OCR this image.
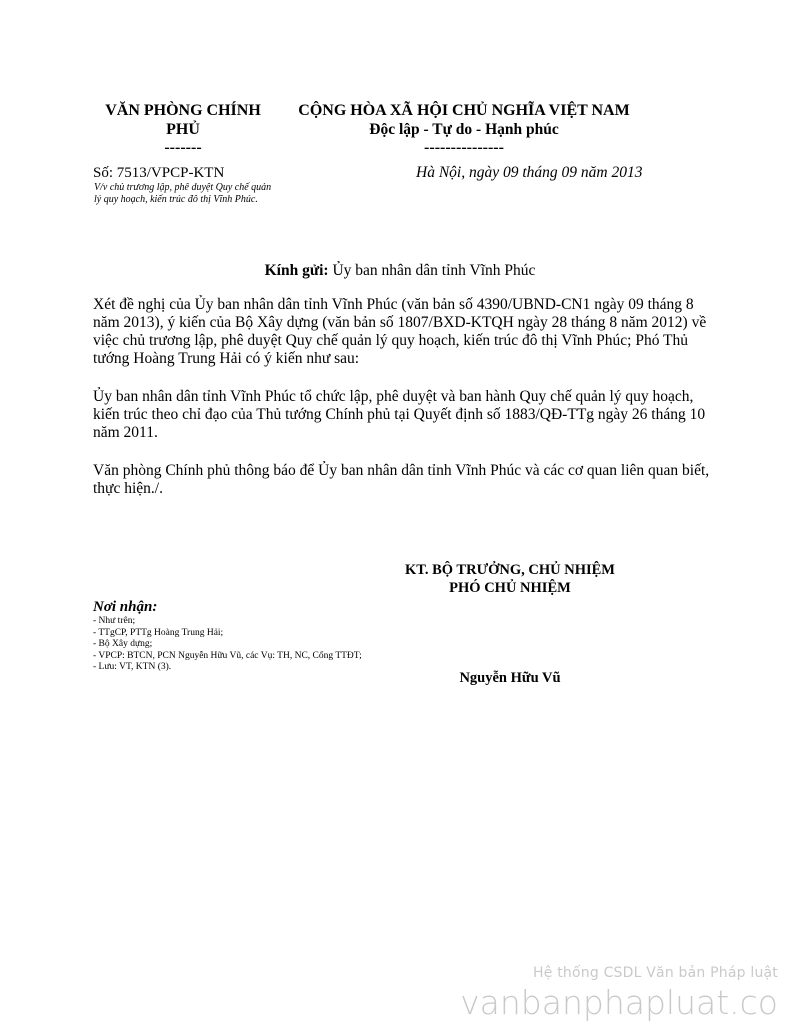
VĂN PHÒNG CHÍNH
PHỦ
-------
CỘNG HÒA XÃ HỘI CHỦ NGHĨA VIỆT NAM
Độc lập - Tự do - Hạnh phúc
---------------
Số: 7513/VPCP-KTN
V/v chủ trương lập, phê duyệt Quy chế quản lý quy hoạch, kiến trúc đô thị Vĩnh Phúc.
Hà Nội, ngày 09 tháng 09 năm 2013
Kính gửi: Ủy ban nhân dân tỉnh Vĩnh Phúc
Xét đề nghị của Ủy ban nhân dân tỉnh Vĩnh Phúc (văn bản số 4390/UBND-CN1 ngày 09 tháng 8 năm 2013), ý kiến của Bộ Xây dựng (văn bản số 1807/BXD-KTQH ngày 28 tháng 8 năm 2012) về việc chủ trương lập, phê duyệt Quy chế quản lý quy hoạch, kiến trúc đô thị Vĩnh Phúc; Phó Thủ tướng Hoàng Trung Hải có ý kiến như sau:
Ủy ban nhân dân tỉnh Vĩnh Phúc tổ chức lập, phê duyệt và ban hành Quy chế quản lý quy hoạch, kiến trúc theo chỉ đạo của Thủ tướng Chính phủ tại Quyết định số 1883/QĐ-TTg ngày 26 tháng 10 năm 2011.
Văn phòng Chính phủ thông báo để Ủy ban nhân dân tỉnh Vĩnh Phúc và các cơ quan liên quan biết, thực hiện./.
KT. BỘ TRƯỞNG, CHỦ NHIỆM
PHÓ CHỦ NHIỆM
Nguyễn Hữu Vũ
Nơi nhận:
- Như trên;
- TTgCP, PTTg Hoàng Trung Hải;
- Bộ Xây dựng;
- VPCP: BTCN, PCN Nguyễn Hữu Vũ, các Vụ: TH, NC, Cổng TTĐT;
- Lưu: VT, KTN (3).
Hệ thống CSDL Văn bản Pháp luật
vanbanphapluat.co
